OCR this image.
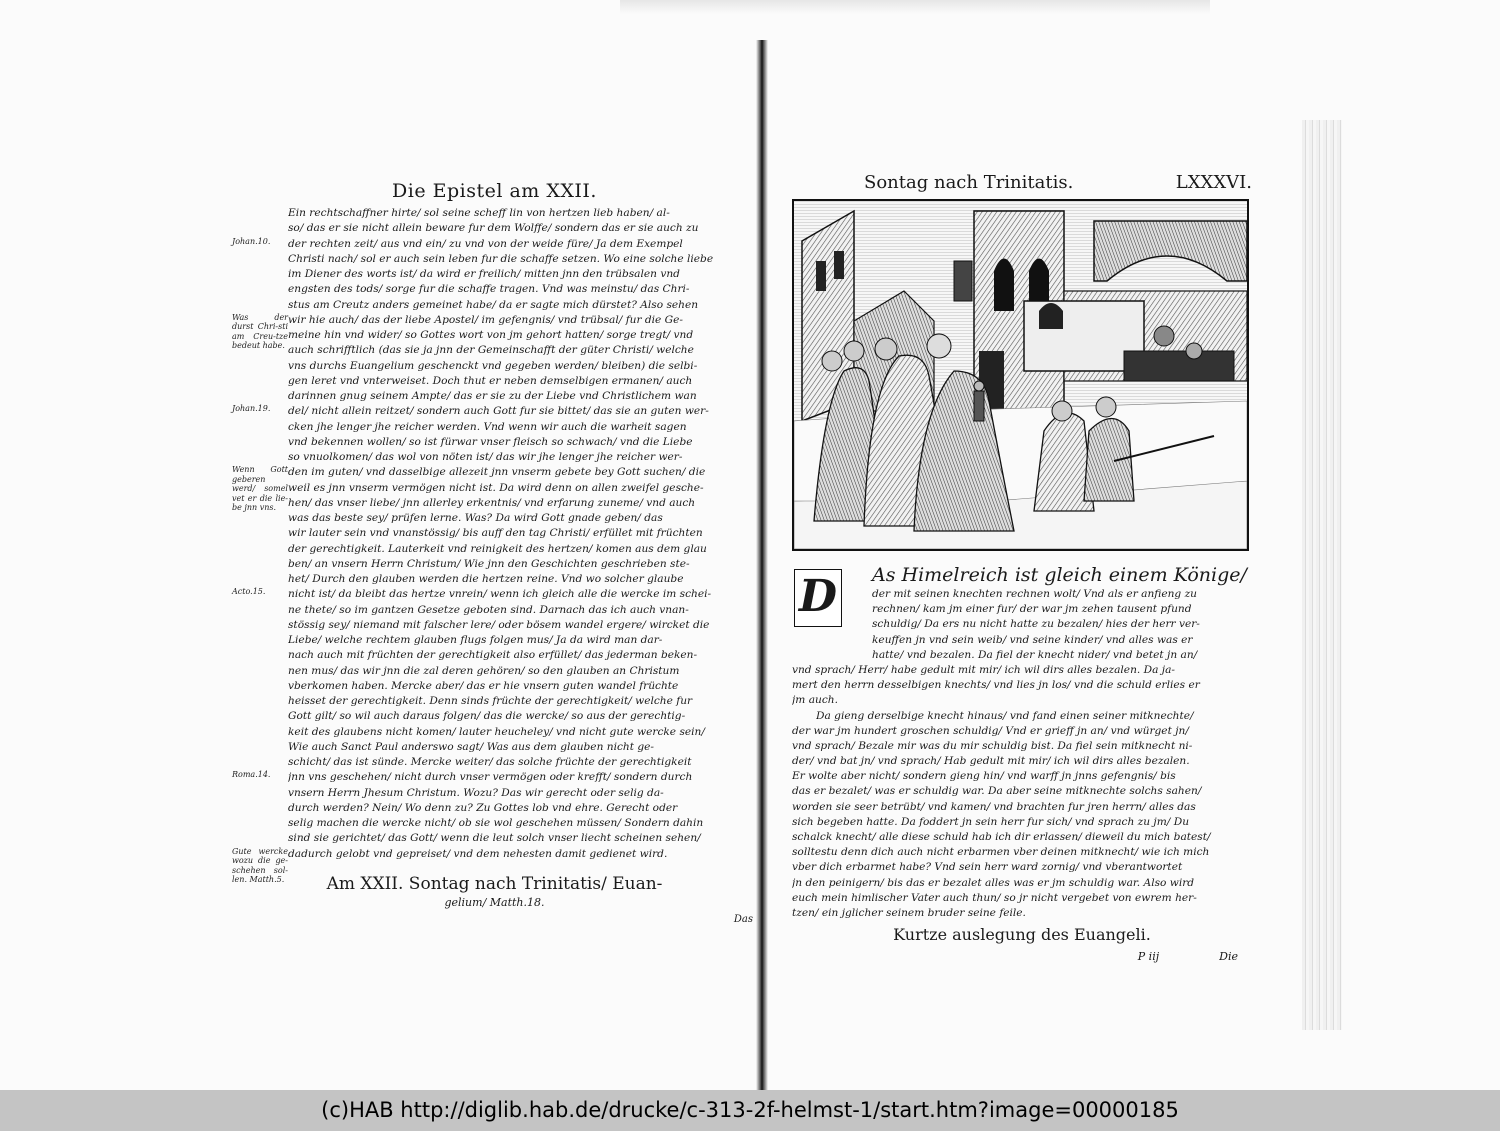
Die Epistel am XXII.
Ein rechtschaffner hirte/ sol seine scheff lin von hertzen lieb haben/ al-
so/ das er sie nicht allein beware fur dem Wolffe/ sondern das er sie auch zu
der rechten zeit/ aus vnd ein/ zu vnd von der weide füre/ Ja dem Exempel
Christi nach/ sol er auch sein leben fur die schaffe setzen. Wo eine solche liebe
im Diener des worts ist/ da wird er freilich/ mitten jnn den trübsalen vnd
engsten des tods/ sorge fur die schaffe tragen. Vnd was meinstu/ das Chri-
stus am Creutz anders gemeinet habe/ da er sagte mich dürstet? Also sehen
wir hie auch/ das der liebe Apostel/ im gefengnis/ vnd trübsal/ fur die Ge-
meine hin vnd wider/ so Gottes wort von jm gehort hatten/ sorge tregt/ vnd
auch schrifftlich (das sie ja jnn der Gemeinschafft der güter Christi/ welche
vns durchs Euangelium geschenckt vnd gegeben werden/ bleiben) die selbi-
gen leret vnd vnterweiset. Doch thut er neben demselbigen ermanen/ auch
darinnen gnug seinem Ampte/ das er sie zu der Liebe vnd Christlichem wan
del/ nicht allein reitzet/ sondern auch Gott fur sie bittet/ das sie an guten wer-
cken jhe lenger jhe reicher werden. Vnd wenn wir auch die warheit sagen
vnd bekennen wollen/ so ist fürwar vnser fleisch so schwach/ vnd die Liebe
so vnuolkomen/ das wol von nöten ist/ das wir jhe lenger jhe reicher wer-
den im guten/ vnd dasselbige allezeit jnn vnserm gebete bey Gott suchen/ die
weil es jnn vnserm vermögen nicht ist. Da wird denn on allen zweifel gesche-
hen/ das vnser liebe/ jnn allerley erkentnis/ vnd erfarung zuneme/ vnd auch
was das beste sey/ prüfen lerne. Was? Da wird Gott gnade geben/ das
wir lauter sein vnd vnanstössig/ bis auff den tag Christi/ erfüllet mit früchten
der gerechtigkeit. Lauterkeit vnd reinigkeit des hertzen/ komen aus dem glau
ben/ an vnsern Herrn Christum/ Wie jnn den Geschichten geschrieben ste-
het/ Durch den glauben werden die hertzen reine. Vnd wo solcher glaube
nicht ist/ da bleibt das hertze vnrein/ wenn ich gleich alle die wercke im schei-
ne thete/ so im gantzen Gesetze geboten sind. Darnach das ich auch vnan-
stössig sey/ niemand mit falscher lere/ oder bösem wandel ergere/ wircket die
Liebe/ welche rechtem glauben flugs folgen mus/ Ja da wird man dar-
nach auch mit früchten der gerechtigkeit also erfüllet/ das jederman beken-
nen mus/ das wir jnn die zal deren gehören/ so den glauben an Christum
vberkomen haben. Mercke aber/ das er hie vnsern guten wandel früchte
heisset der gerechtigkeit. Denn sinds früchte der gerechtigkeit/ welche fur
Gott gilt/ so wil auch daraus folgen/ das die wercke/ so aus der gerechtig-
keit des glaubens nicht komen/ lauter heucheley/ vnd nicht gute wercke sein/
Wie auch Sanct Paul anderswo sagt/ Was aus dem glauben nicht ge-
schicht/ das ist sünde. Mercke weiter/ das solche früchte der gerechtigkeit
jnn vns geschehen/ nicht durch vnser vermögen oder krefft/ sondern durch
vnsern Herrn Jhesum Christum. Wozu? Das wir gerecht oder selig da-
durch werden? Nein/ Wo denn zu? Zu Gottes lob vnd ehre. Gerecht oder
selig machen die wercke nicht/ ob sie wol geschehen müssen/ Sondern dahin
sind sie gerichtet/ das Gott/ wenn die leut solch vnser liecht scheinen sehen/
dadurch gelobt vnd gepreiset/ vnd dem nehesten damit gedienet wird.
Johan.10.
Was der durst Chri-sti am Creu-tze bedeut habe.
Johan.19.
Wenn Gott geberen werd/ somel vet er die lie-be jnn vns.
Acto.15.
Roma.14.
Gute wercke wozu die ge-schehen sol-len. Matth.5.	Am XXII. Sontag nach Trinitatis/ Euan-
gelium/ Matth.18.
Das
Sontag nach Trinitatis.	LXXXVI.
D As Himelreich ist gleich einem Könige/
der mit seinen knechten rechnen wolt/ Vnd als er anfieng zu
rechnen/ kam jm einer fur/ der war jm zehen tausent pfund
schuldig/ Da ers nu nicht hatte zu bezalen/ hies der herr ver-
keuffen jn vnd sein weib/ vnd seine kinder/ vnd alles was er
hatte/ vnd bezalen. Da fiel der knecht nider/ vnd betet jn an/
vnd sprach/ Herr/ habe gedult mit mir/ ich wil dirs alles bezalen. Da ja-
mert den herrn desselbigen knechts/ vnd lies jn los/ vnd die schuld erlies er
jm auch.
Da gieng derselbige knecht hinaus/ vnd fand einen seiner mitknechte/
der war jm hundert groschen schuldig/ Vnd er grieff jn an/ vnd würget jn/
vnd sprach/ Bezale mir was du mir schuldig bist. Da fiel sein mitknecht ni-
der/ vnd bat jn/ vnd sprach/ Hab gedult mit mir/ ich wil dirs alles bezalen.
Er wolte aber nicht/ sondern gieng hin/ vnd warff jn jnns gefengnis/ bis
das er bezalet/ was er schuldig war. Da aber seine mitknechte solchs sahen/
worden sie seer betrübt/ vnd kamen/ vnd brachten fur jren herrn/ alles das
sich begeben hatte. Da foddert jn sein herr fur sich/ vnd sprach zu jm/ Du
schalck knecht/ alle diese schuld hab ich dir erlassen/ dieweil du mich batest/
solltestu denn dich auch nicht erbarmen vber deinen mitknecht/ wie ich mich
vber dich erbarmet habe? Vnd sein herr ward zornig/ vnd vberantwortet
jn den peinigern/ bis das er bezalet alles was er jm schuldig war. Also wird
euch mein himlischer Vater auch thun/ so jr nicht vergebet von ewrem her-
tzen/ ein jglicher seinem bruder seine feile.
Kurtze auslegung des Euangeli.
P iij	Die
(c)HAB http://diglib.hab.de/drucke/c-313-2f-helmst-1/start.htm?image=00000185
